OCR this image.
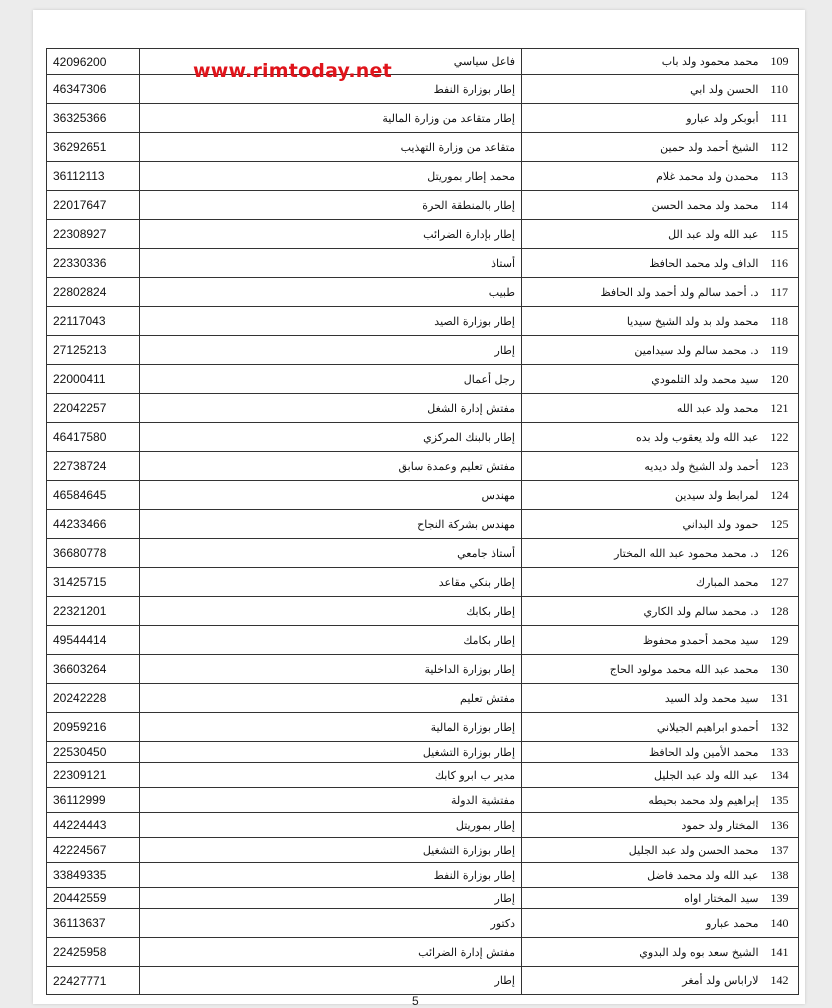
www.rimtoday.net
42096200	فاعل سياسي	محمد محمود ولد باب	109
46347306	إطار بوزارة النفط	الحسن ولد ابي	110
36325366	إطار متقاعد من وزارة المالية	أبوبكر ولد عبارو	111
36292651	متقاعد من وزارة التهذيب	الشيخ أحمد ولد حمين	112
36112113	محمد إطار بموريتل	محمدن ولد محمد غلام	113
22017647	إطار بالمنطقة الحرة	محمد ولد محمد الحسن	114
22308927	إطار بإدارة الضرائب	عبد الله ولد عبد الل	115
22330336	أستاذ	الداف ولد محمد الحافظ	116
22802824	طبيب	د. أحمد سالم ولد أحمد ولد الحافظ	117
22117043	إطار بوزارة الصيد	محمد ولد بد ولد الشيخ سيديا	118
27125213	إطار	د. محمد سالم ولد سيدامين	119
22000411	رجل أعمال	سيد محمد ولد التلمودي	120
22042257	مفتش إدارة الشغل	محمد ولد عبد الله	121
46417580	إطار بالبنك المركزي	عبد الله ولد يعقوب ولد بده	122
22738724	مفتش تعليم وعمدة سابق	أحمد ولد الشيخ ولد ديديه	123
46584645	مهندس	لمرابط ولد سيدين	124
44233466	مهندس بشركة النجاح	حمود ولد البداني	125
36680778	أستاذ جامعي	د. محمد محمود عبد الله المختار	126
31425715	إطار بنكي مقاعد	محمد المبارك	127
22321201	إطار بكابك	د. محمد سالم ولد الكاري	128
49544414	إطار بكامك	سيد محمد أحمدو محفوظ	129
36603264	إطار بوزارة الداخلية	محمد عبد الله محمد مولود الحاج	130
20242228	مفتش تعليم	سيد محمد ولد السيد	131
20959216	إطار بوزارة المالية	أحمدو ابراهيم الجيلاني	132
22530450	إطار بوزارة التشغيل	محمد الأمين ولد الحافظ	133
22309121	مدير ب ابرو كابك	عبد الله ولد عبد الجليل	134
36112999	مفتشية الدولة	إبراهيم ولد محمد بحيطه	135
44224443	إطار بموريتل	المختار ولد حمود	136
42224567	إطار بوزارة التشغيل	محمد الحسن ولد عبد الجليل	137
33849335	إطار بوزارة النفط	عبد الله ولد محمد فاضل	138
20442559	إطار	سيد المختار اواه	139
36113637	دكتور	محمد عبارو	140
22425958	مفتش إدارة الضرائب	الشيخ سعد بوه ولد البدوي	141
22427771	إطار	لاراباس ولد أمغر	142
5
